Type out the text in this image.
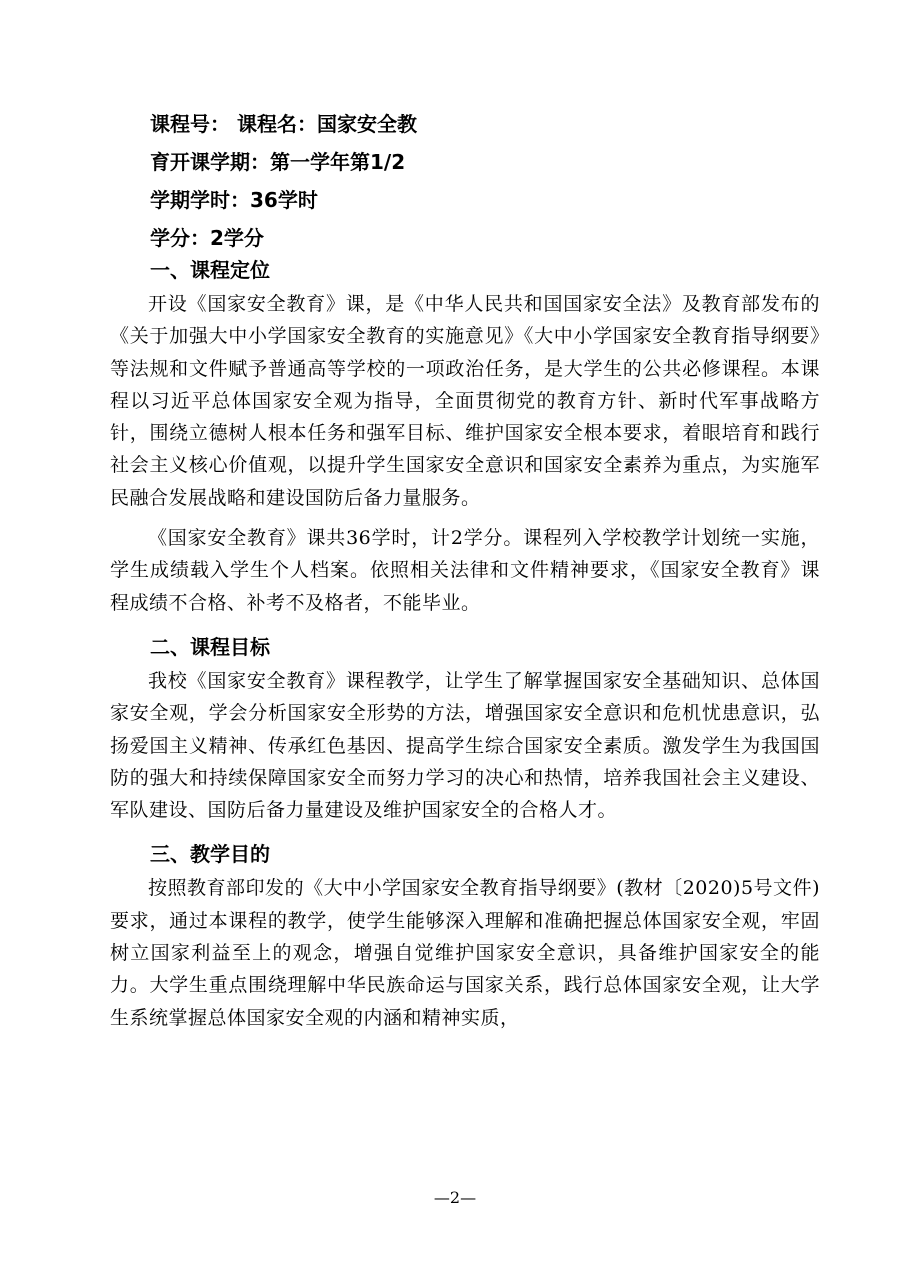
课程号： 课程名：国家安全教
育开课学期：第一学年第1/2
学期学时：36学时
学分：2学分
一、课程定位

开设《国家安全教育》课，是《中华人民共和国国家安全法》及教育部发布的《关于加强大中小学国家安全教育的实施意见》《大中小学国家安全教育指导纲要》等法规和文件赋予普通高等学校的一项政治任务，是大学生的公共必修课程。本课程以习近平总体国家安全观为指导，全面贯彻党的教育方针、新时代军事战略方针，围绕立德树人根本任务和强军目标、维护国家安全根本要求，着眼培育和践行社会主义核心价值观，以提升学生国家安全意识和国家安全素养为重点，为实施军民融合发展战略和建设国防后备力量服务。

《国家安全教育》课共36学时，计2学分。课程列入学校教学计划统一实施，学生成绩载入学生个人档案。依照相关法律和文件精神要求，《国家安全教育》课程成绩不合格、补考不及格者，不能毕业。

二、课程目标

我校《国家安全教育》课程教学，让学生了解掌握国家安全基础知识、总体国家安全观，学会分析国家安全形势的方法，增强国家安全意识和危机忧患意识，弘扬爱国主义精神、传承红色基因、提高学生综合国家安全素质。激发学生为我国国防的强大和持续保障国家安全而努力学习的决心和热情，培养我国社会主义建设、军队建设、国防后备力量建设及维护国家安全的合格人才。

三、教学目的

按照教育部印发的《大中小学国家安全教育指导纲要》(教材〔2020)5号文件)要求，通过本课程的教学，使学生能够深入理解和准确把握总体国家安全观，牢固树立国家利益至上的观念，增强自觉维护国家安全意识，具备维护国家安全的能力。大学生重点围绕理解中华民族命运与国家关系，践行总体国家安全观，让大学生系统掌握总体国家安全观的内涵和精神实质，

—2—
